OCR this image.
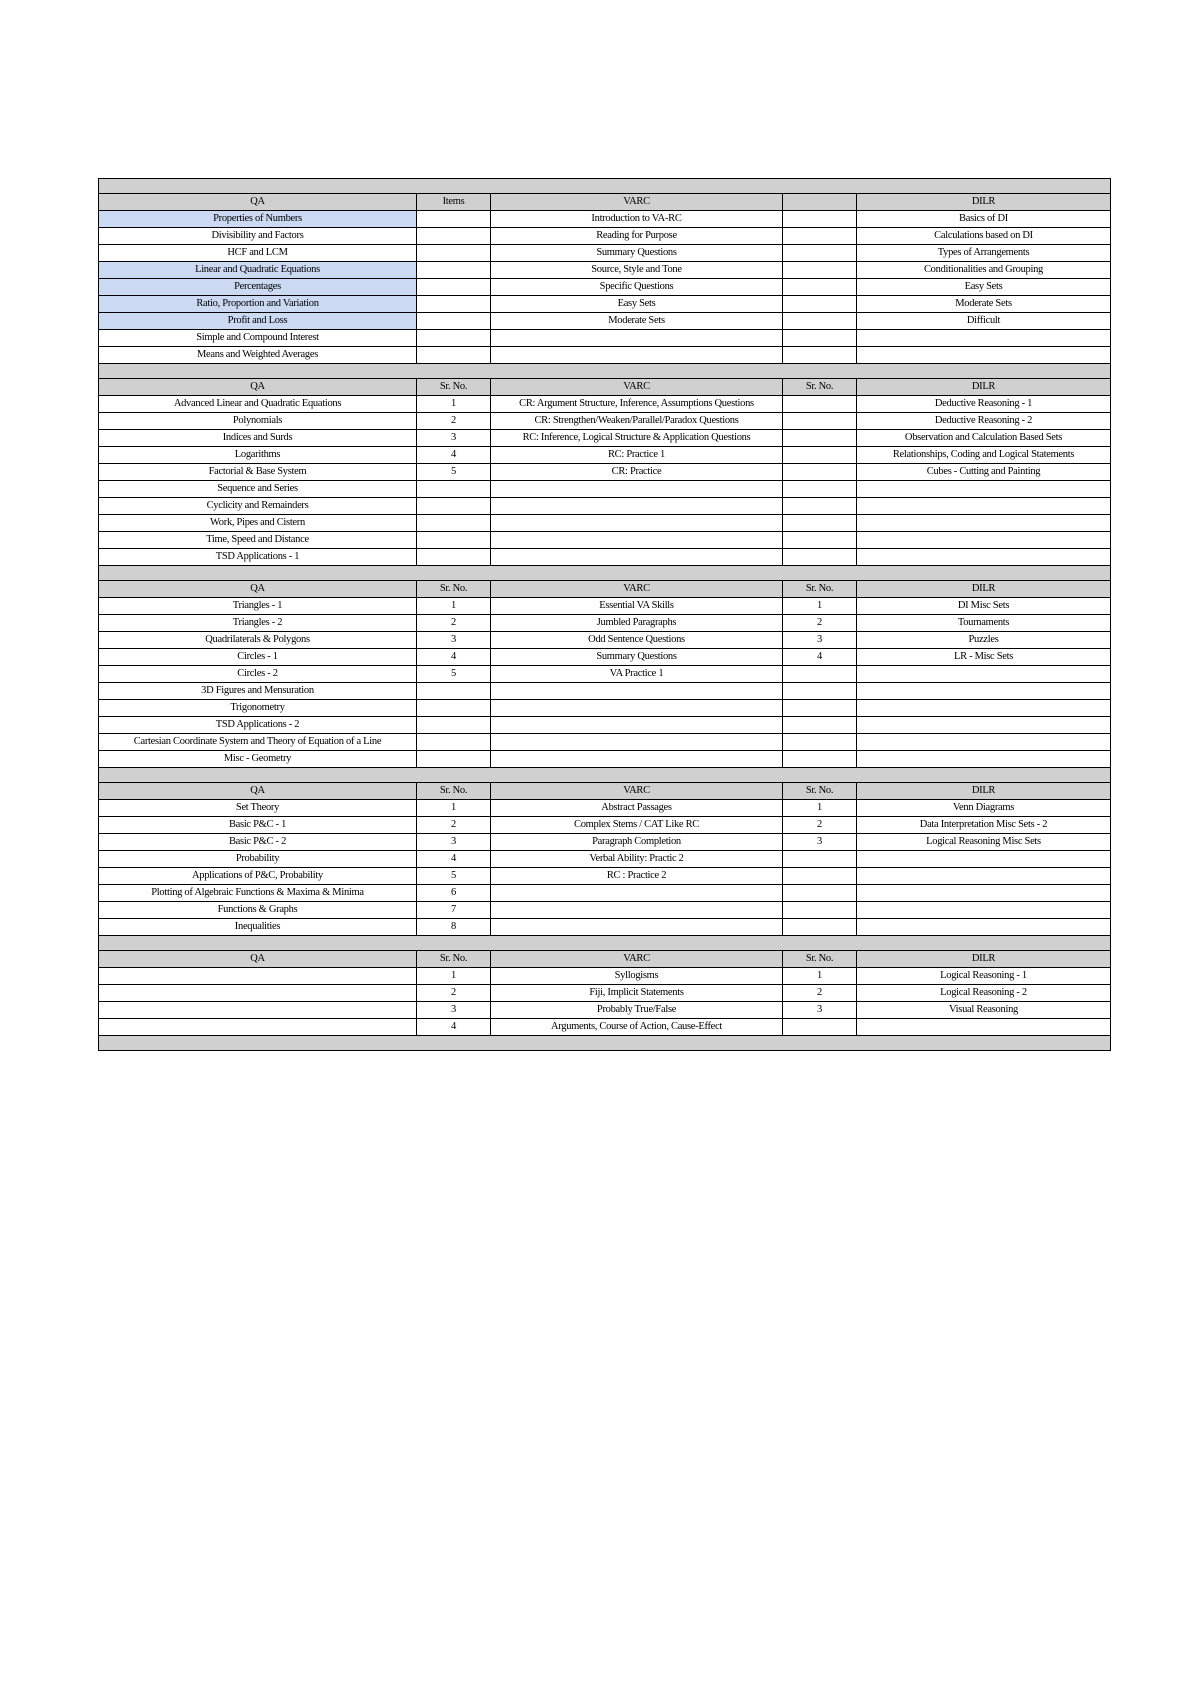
QA	Items	VARC		DILR
Properties of Numbers		Introduction to VA-RC		Basics of DI
Divisibility and Factors		Reading for Purpose		Calculations based on DI
HCF and LCM		Summary Questions		Types of Arrangements
Linear and Quadratic Equations		Source, Style and Tone		Conditionalities and Grouping
Percentages		Specific Questions		Easy Sets
Ratio, Proportion and Variation		Easy Sets		Moderate Sets
Profit and Loss		Moderate Sets		Difficult
Simple and Compound Interest				
Means and Weighted Averages				

QA	Sr. No.	VARC	Sr. No.	DILR
Advanced Linear and Quadratic Equations	1	CR: Argument Structure, Inference, Assumptions Questions		Deductive Reasoning - 1
Polynomials	2	CR: Strengthen/Weaken/Parallel/Paradox Questions		Deductive Reasoning - 2
Indices and Surds	3	RC: Inference, Logical Structure & Application Questions		Observation and Calculation Based Sets
Logarithms	4	RC: Practice 1		Relationships, Coding and Logical Statements
Factorial & Base System	5	CR: Practice		Cubes - Cutting and Painting
Sequence and Series				
Cyclicity and Remainders				
Work, Pipes and Cistern				
Time, Speed and Distance				
TSD Applications - 1				

QA	Sr. No.	VARC	Sr. No.	DILR
Triangles - 1	1	Essential VA Skills	1	DI Misc Sets
Triangles - 2	2	Jumbled Paragraphs	2	Tournaments
Quadrilaterals & Polygons	3	Odd Sentence Questions	3	Puzzles
Circles - 1	4	Summary Questions	4	LR - Misc Sets
Circles - 2	5	VA Practice 1		
3D Figures and Mensuration				
Trigonometry				
TSD Applications - 2				
Cartesian Coordinate System and Theory of Equation of a Line				
Misc - Geometry				

QA	Sr. No.	VARC	Sr. No.	DILR
Set Theory	1	Abstract Passages	1	Venn Diagrams
Basic P&C - 1	2	Complex Stems / CAT Like RC	2	Data Interpretation Misc Sets - 2
Basic P&C - 2	3	Paragraph Completion	3	Logical Reasoning Misc Sets
Probability	4	Verbal Ability: Practic 2		
Applications of P&C, Probability	5	RC : Practice 2		
Plotting of Algebraic Functions & Maxima & Minima	6			
Functions & Graphs	7			
Inequalities	8			

QA	Sr. No.	VARC	Sr. No.	DILR
	1	Syllogisms	1	Logical Reasoning - 1
	2	Fiji, Implicit Statements	2	Logical Reasoning - 2
	3	Probably True/False	3	Visual Reasoning
	4	Arguments, Course of Action, Cause-Effect		
